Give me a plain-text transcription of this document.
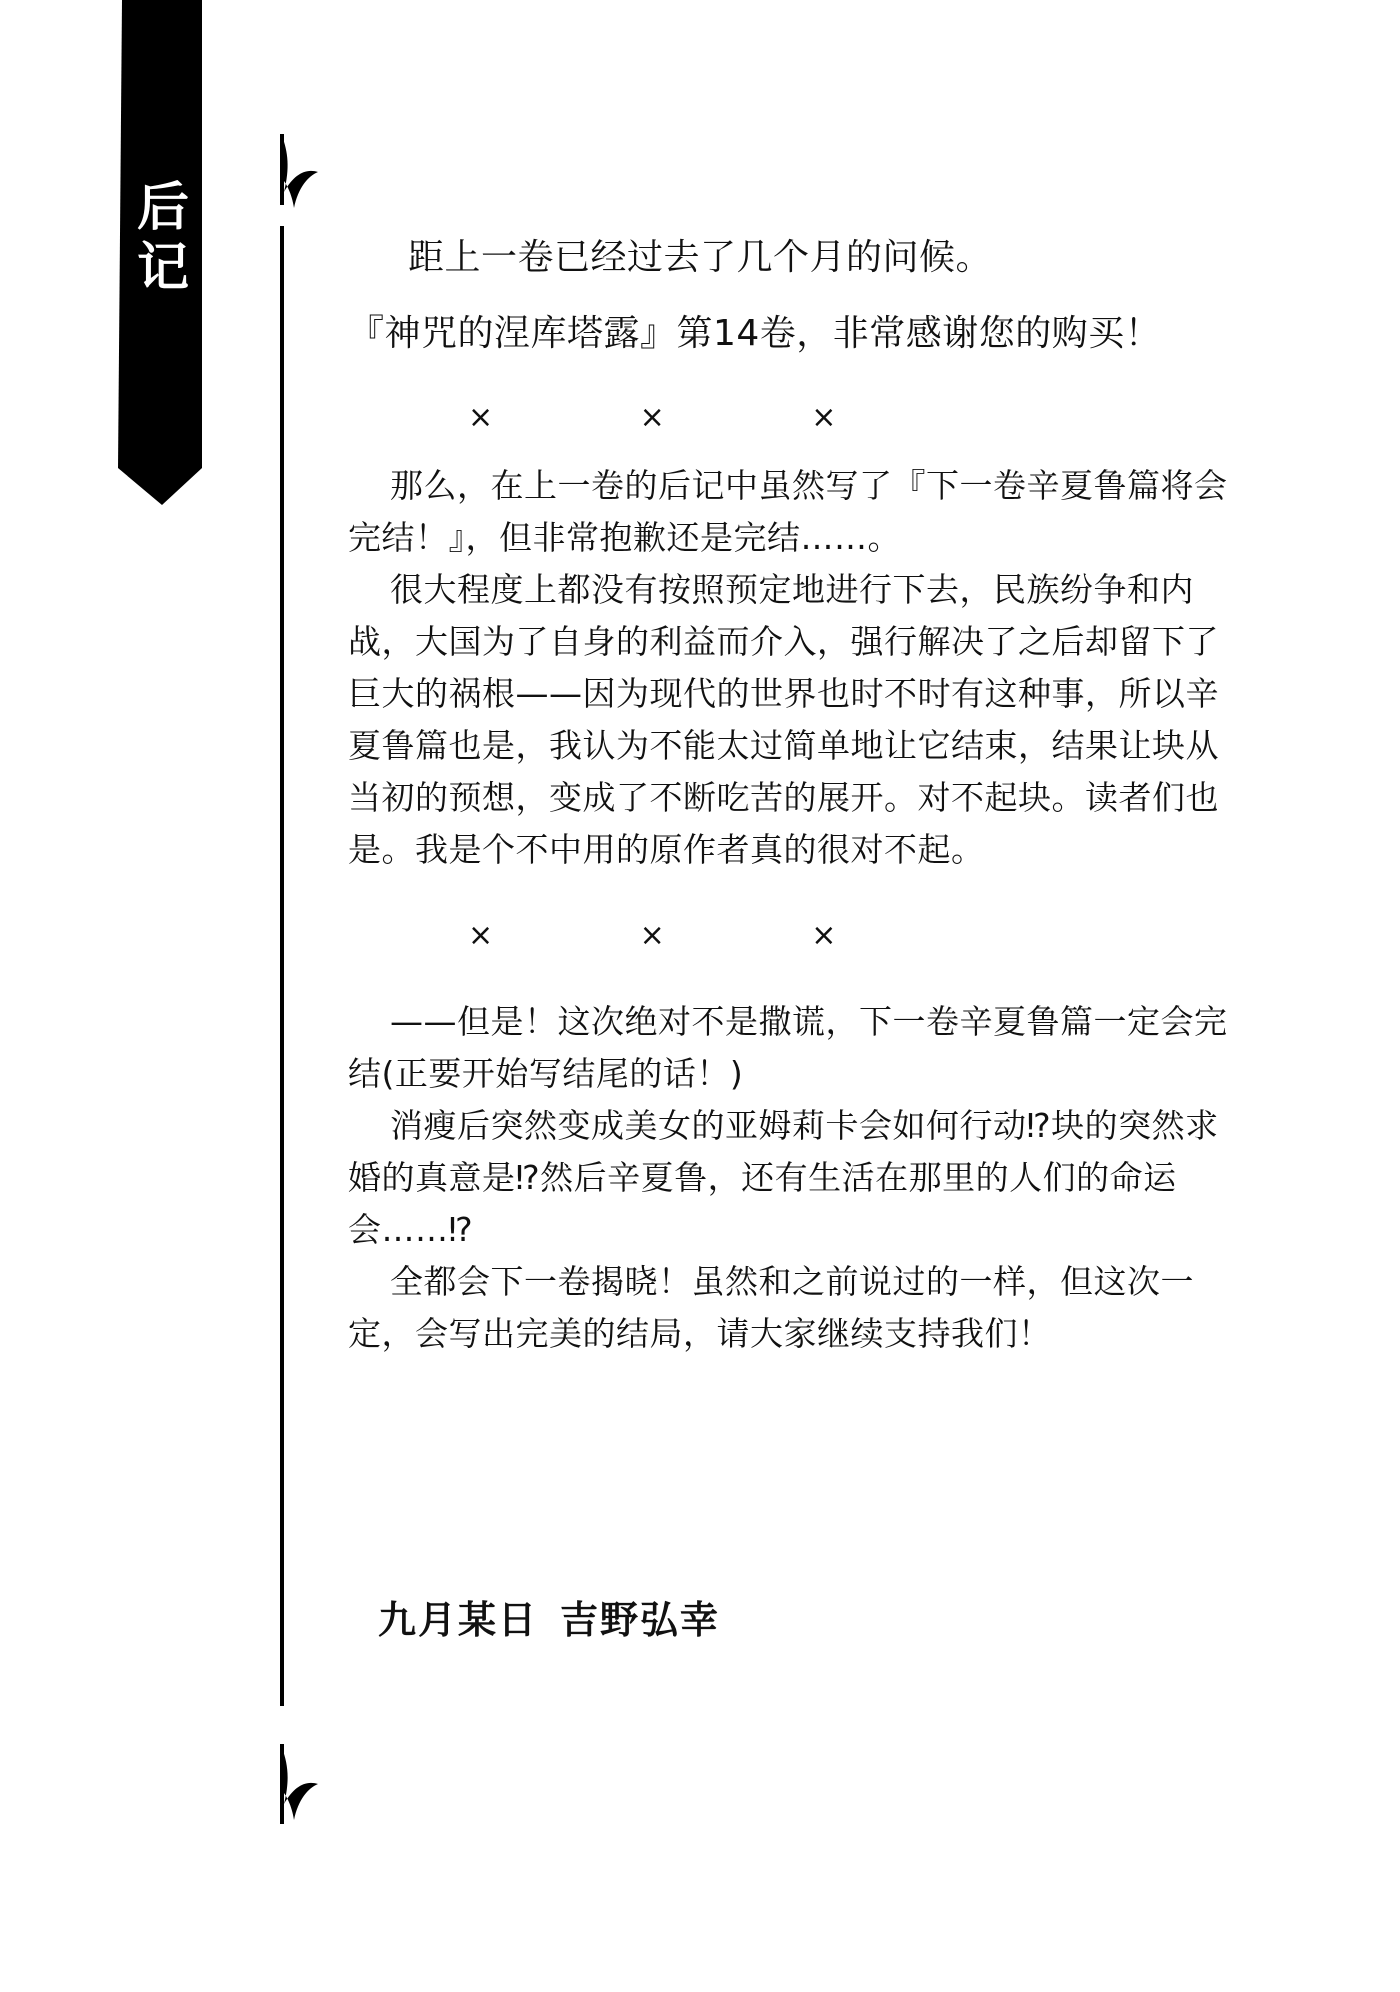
后
记	距上一卷已经过去了几个月的问候。

『神咒的涅库塔露』第14卷，非常感谢您的购买！

×	×	×

那么，在上一卷的后记中虽然写了『下一卷辛夏鲁篇将会完结！』，但非常抱歉还是完结……。

很大程度上都没有按照预定地进行下去，民族纷争和内战，大国为了自身的利益而介入，强行解决了之后却留下了巨大的祸根——因为现代的世界也时不时有这种事，所以辛夏鲁篇也是，我认为不能太过简单地让它结束，结果让块从当初的预想，变成了不断吃苦的展开。对不起块。读者们也是。我是个不中用的原作者真的很对不起。

×	×	×

——但是！这次绝对不是撒谎，下一卷辛夏鲁篇一定会完结(正要开始写结尾的话！)

消瘦后突然变成美女的亚姆莉卡会如何行动⁉块的突然求婚的真意是⁉然后辛夏鲁，还有生活在那里的人们的命运会……⁉

全都会下一卷揭晓！虽然和之前说过的一样，但这次一定，会写出完美的结局，请大家继续支持我们！

九月某日 吉野弘幸
